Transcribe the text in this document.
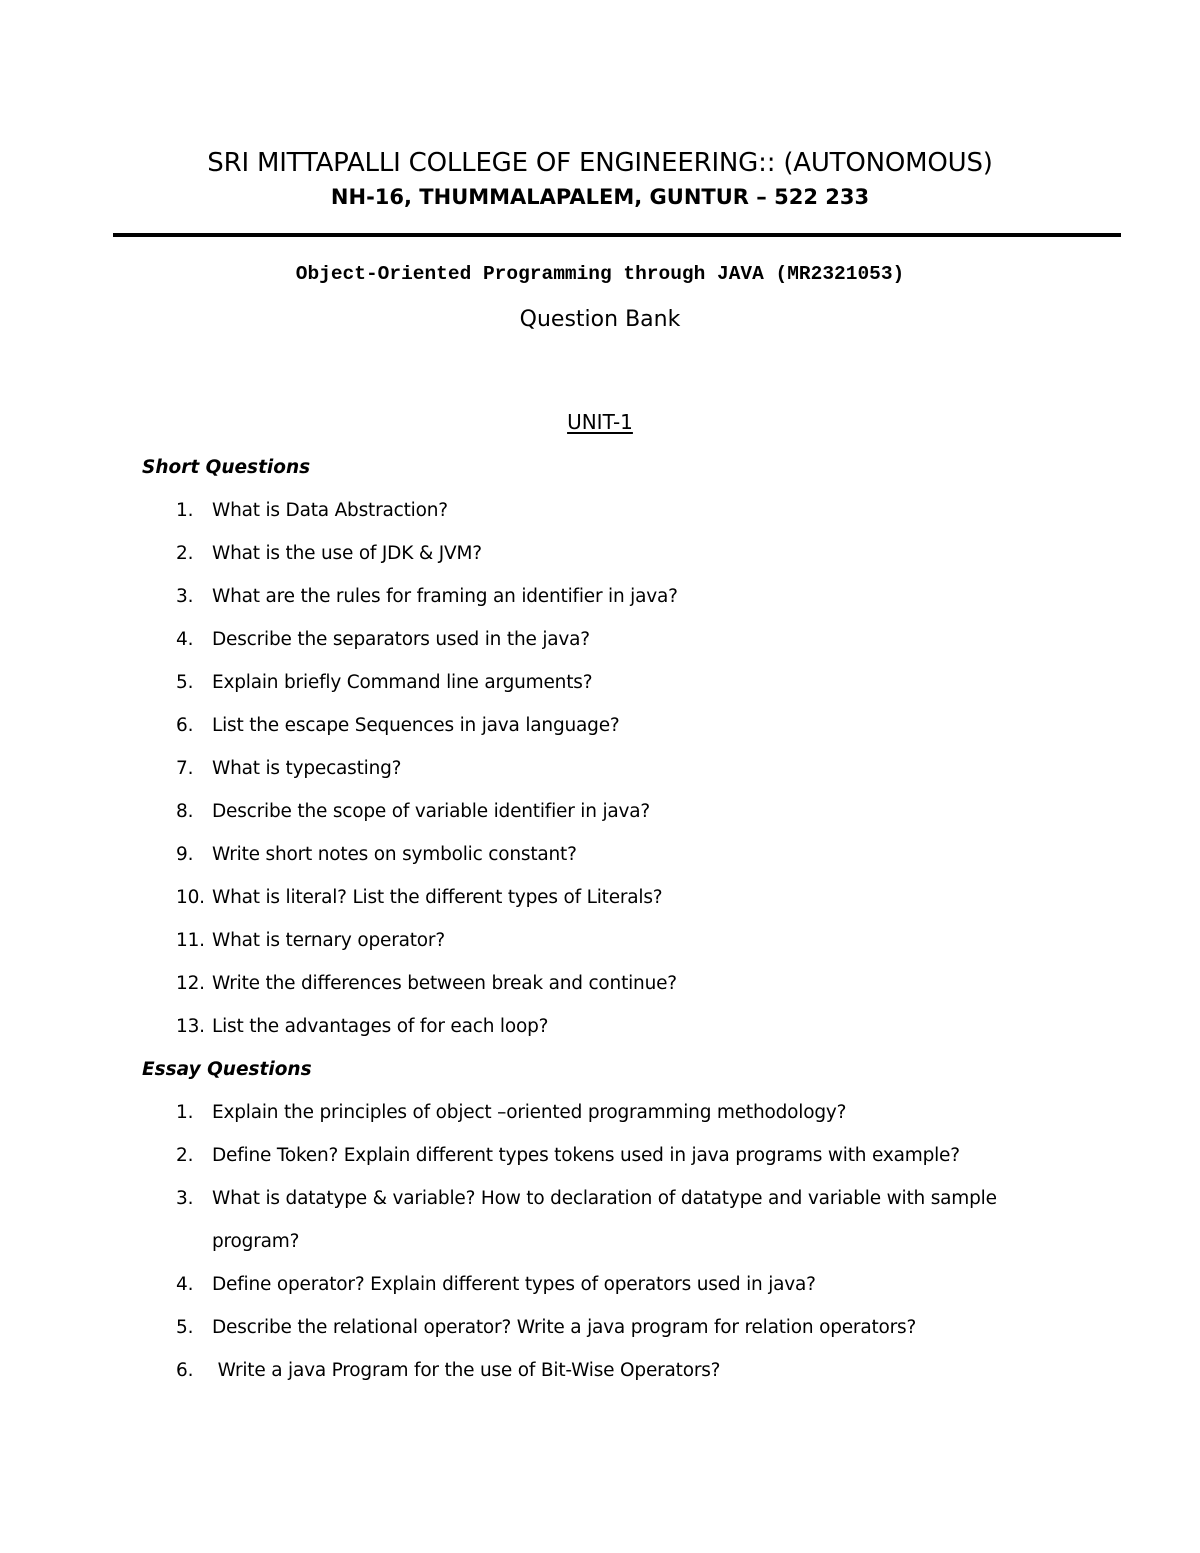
SRI MITTAPALLI COLLEGE OF ENGINEERING:: (AUTONOMOUS)
NH-16, THUMMALAPALEM, GUNTUR – 522 233
Object-Oriented Programming through JAVA (MR2321053)
Question Bank
UNIT-1
Short Questions
1.	What is Data Abstraction?
2.	What is the use of JDK & JVM?
3.	What are the rules for framing an identifier in java?
4.	Describe the separators used in the java?
5.	Explain briefly Command line arguments?
6.	List the escape Sequences in java language?
7.	What is typecasting?
8.	Describe the scope of variable identifier in java?
9.	Write short notes on symbolic constant?
10. What is literal? List the different types of Literals?
11. What is ternary operator?
12. Write the differences between break and continue?
13. List the advantages of for each loop?
Essay Questions
1.	Explain the principles of object –oriented programming methodology?
2.	Define Token? Explain different types tokens used in java programs with example?
3.	What is datatype & variable? How to declaration of datatype and variable with sample program?
4.	Define operator? Explain different types of operators used in java?
5.	Describe the relational operator? Write a java program for relation operators?
6.	Write a java Program for the use of Bit-Wise Operators?
